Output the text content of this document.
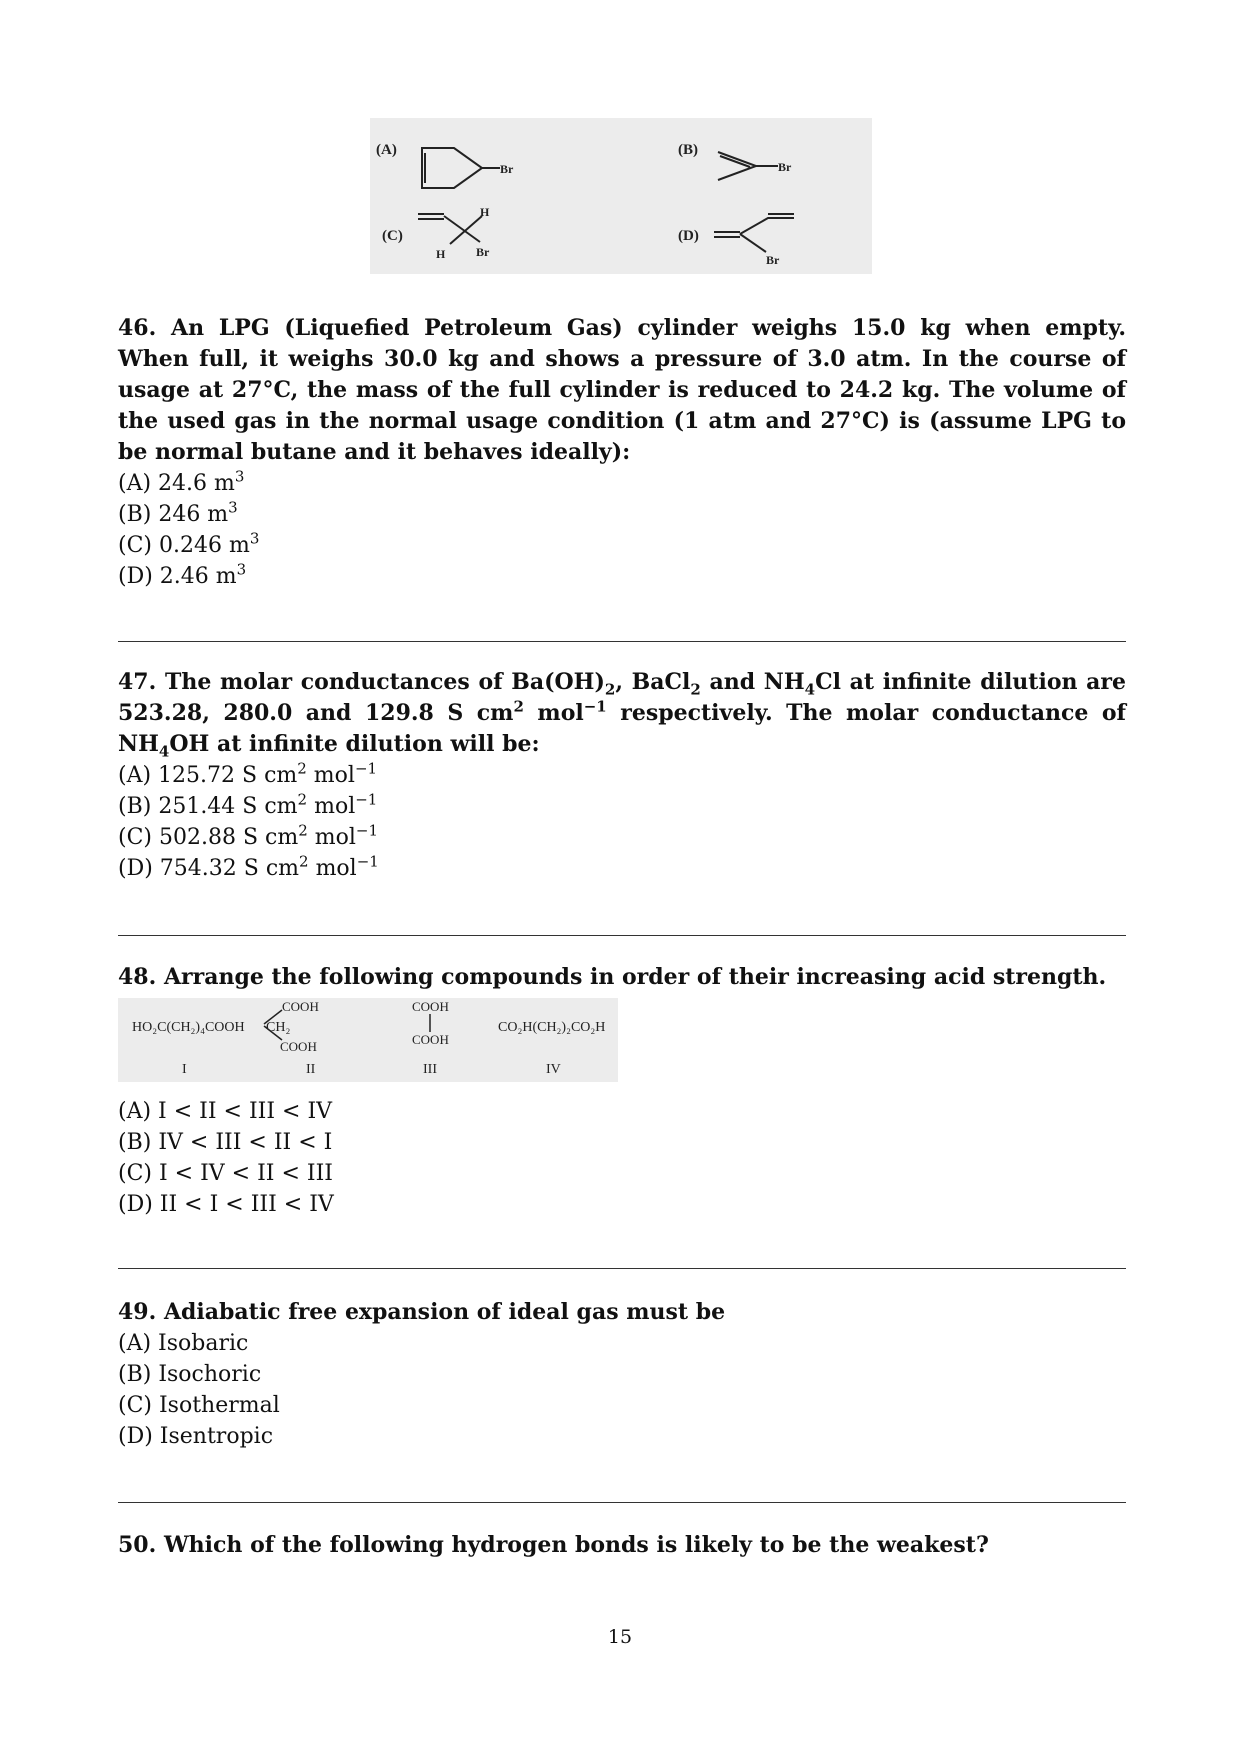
(A)
Br
(B)
Br
(C)
H
H	Br
(D)
Br
46. An LPG (Liquefied Petroleum Gas) cylinder weighs 15.0 kg when empty. When full, it weighs 30.0 kg and shows a pressure of 3.0 atm. In the course of usage at 27°C, the mass of the full cylinder is reduced to 24.2 kg. The volume of the used gas in the normal usage condition (1 atm and 27°C) is (assume LPG to be normal butane and it behaves ideally):
(A) 24.6 $m^3$
(B) 246 $m^3$
(C) 0.246 $m^3$
(D) 2.46 $m^3$
47. The molar conductances of $Ba(OH)_2$, BaCl$_2$ and $NH_4Cl$ at infinite dilution are 523.28, 280.0 and 129.8 S $cm^2$ mol$^{-1}$ respectively. The molar conductance of $NH_4OH$ at infinite dilution will be:
(A) 125.72 S $cm^2$ mol$^{-1}$
(B) 251.44 S $cm^2$ mol$^{-1}$
(C) 502.88 S $cm^2$ mol$^{-1}$
(D) 754.32 S $cm^2$ mol$^{-1}$
48. Arrange the following compounds in order of their increasing acid strength.
HO₂C(CH₂)₄COOH CH₂
COOH
COOH
COOH
COOH
CO₂H(CH₂)₂CO₂H
I	II	III	IV
(A) I < II < III < IV
(B) IV < III < II < I
(C) I < IV < II < III
(D) II < I < III < IV
49. Adiabatic free expansion of ideal gas must be
(A) Isobaric
(B) Isochoric
(C) Isothermal
(D) Isentropic
50. Which of the following hydrogen bonds is likely to be the weakest?
15
